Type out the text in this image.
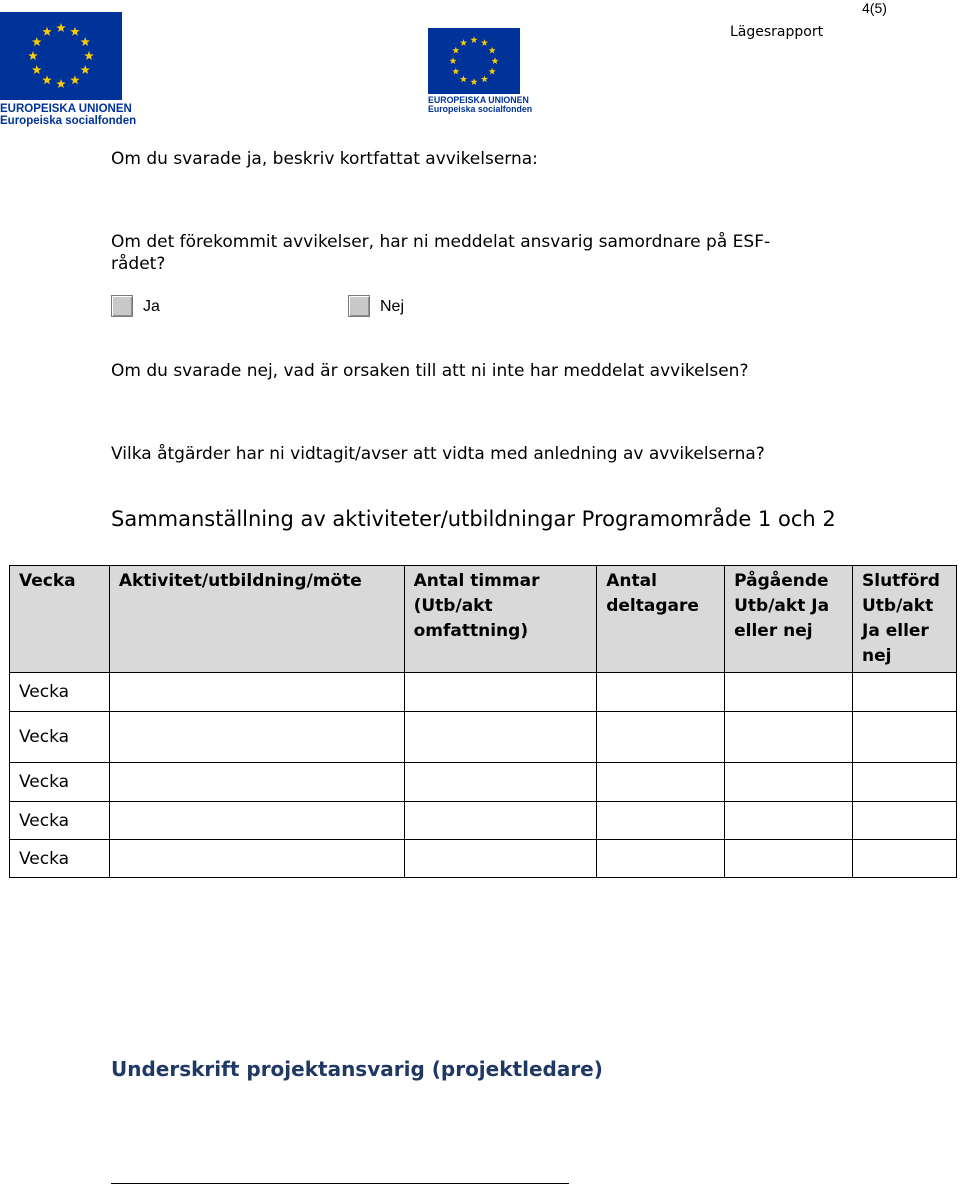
4(5)
Lägesrapport
EUROPEISKA UNIONEN
Europeiska socialfonden
EUROPEISKA UNIONEN
Europeiska socialfonden
Om du svarade ja, beskriv kortfattat avvikelserna:
Om det förekommit avvikelser, har ni meddelat ansvarig samordnare på ESF-rådet?
Ja	Nej
Om du svarade nej, vad är orsaken till att ni inte har meddelat avvikelsen?
Vilka åtgärder har ni vidtagit/avser att vidta med anledning av avvikelserna?
Sammanställning av aktiviteter/utbildningar Programområde 1 och 2
Vecka	Aktivitet/utbildning/möte	Antal timmar (Utb/akt omfattning)	Antal deltagare	Pågående Utb/akt Ja eller nej	Slutförd Utb/akt Ja eller nej
Vecka					
Vecka					
Vecka					
Vecka					
Vecka					
Underskrift projektansvarig (projektledare)
